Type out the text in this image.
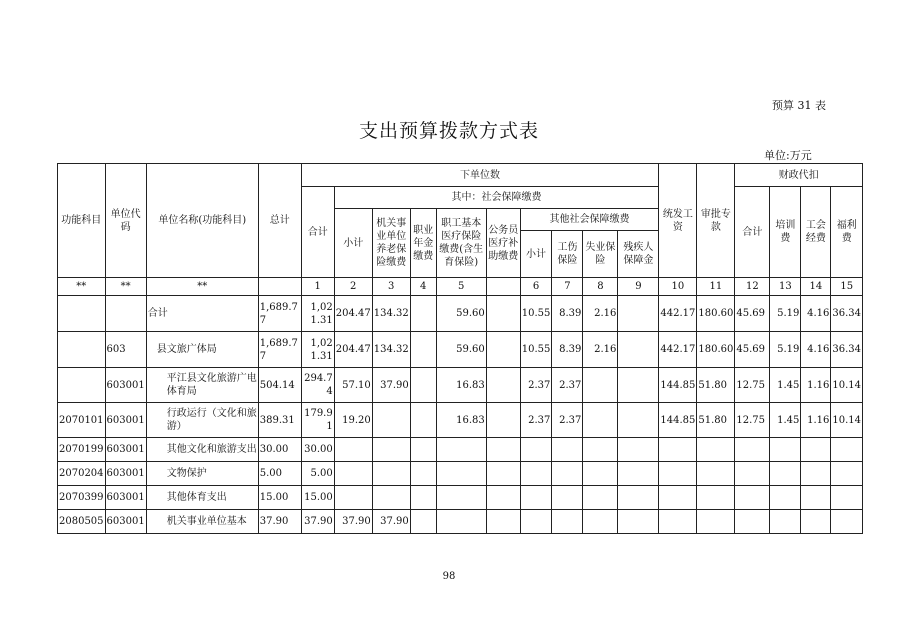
预算 31 表
支出预算拨款方式表
单位:万元
功能科目	单位代码	单位名称(功能科目)	总计	下单位数										统发工资	审批专款	财政代扣			
				合计	其中：社会保障缴费											合计	培训费	工会经费	福利费
					小计	机关事业单位养老保险缴费	职业年金缴费	职工基本医疗保险缴费(含生育保险)	公务员医疗补助缴费	其他社会保障缴费									
										小计	工伤保险	失业保险	残疾人保障金						
**	**	**		1	2	3	4	5		6	7	8	9	10	11	12	13	14	15
		合计	1,689.77	1,021.31	204.47	134.32		59.60		10.55	8.39	2.16		442.17	180.60	45.69	5.19	4.16	36.34
	603	县文旅广体局	1,689.77	1,021.31	204.47	134.32		59.60		10.55	8.39	2.16		442.17	180.60	45.69	5.19	4.16	36.34
	603001	平江县文化旅游广电体育局	504.14	294.74	57.10	37.90		16.83		2.37	2.37			144.85	51.80	12.75	1.45	1.16	10.14
2070101	603001	行政运行（文化和旅游）	389.31	179.91	19.20			16.83		2.37	2.37			144.85	51.80	12.75	1.45	1.16	10.14
2070199	603001	其他文化和旅游支出	30.00	30.00															
2070204	603001	文物保护	5.00	5.00															
2070399	603001	其他体育支出	15.00	15.00															
2080505	603001	机关事业单位基本	37.90	37.90	37.90	37.90													
98
